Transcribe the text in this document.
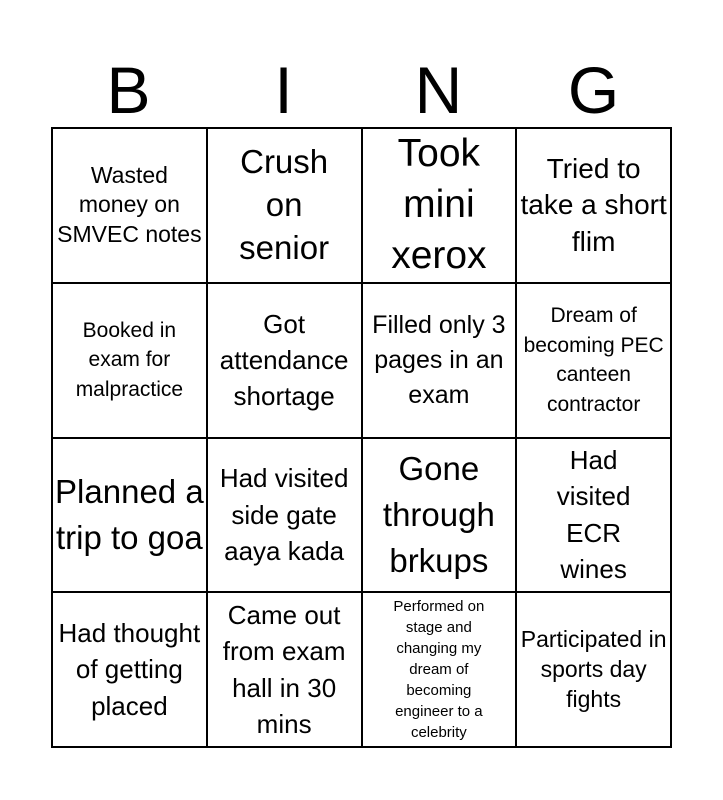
B	I	N	G
Wasted money on SMVEC notes
Crush on senior
Took mini xerox
Tried to take a short flim
Booked in exam for malpractice
Got attendance shortage
Filled only 3 pages in an exam
Dream of becoming PEC canteen contractor
Planned a trip to goa
Had visited side gate aaya kada
Gone through brkups
Had visited ECR wines
Had thought of getting placed
Came out from exam hall in 30 mins
Performed on stage and changing my dream of becoming engineer to a celebrity
Participated in sports day fights
